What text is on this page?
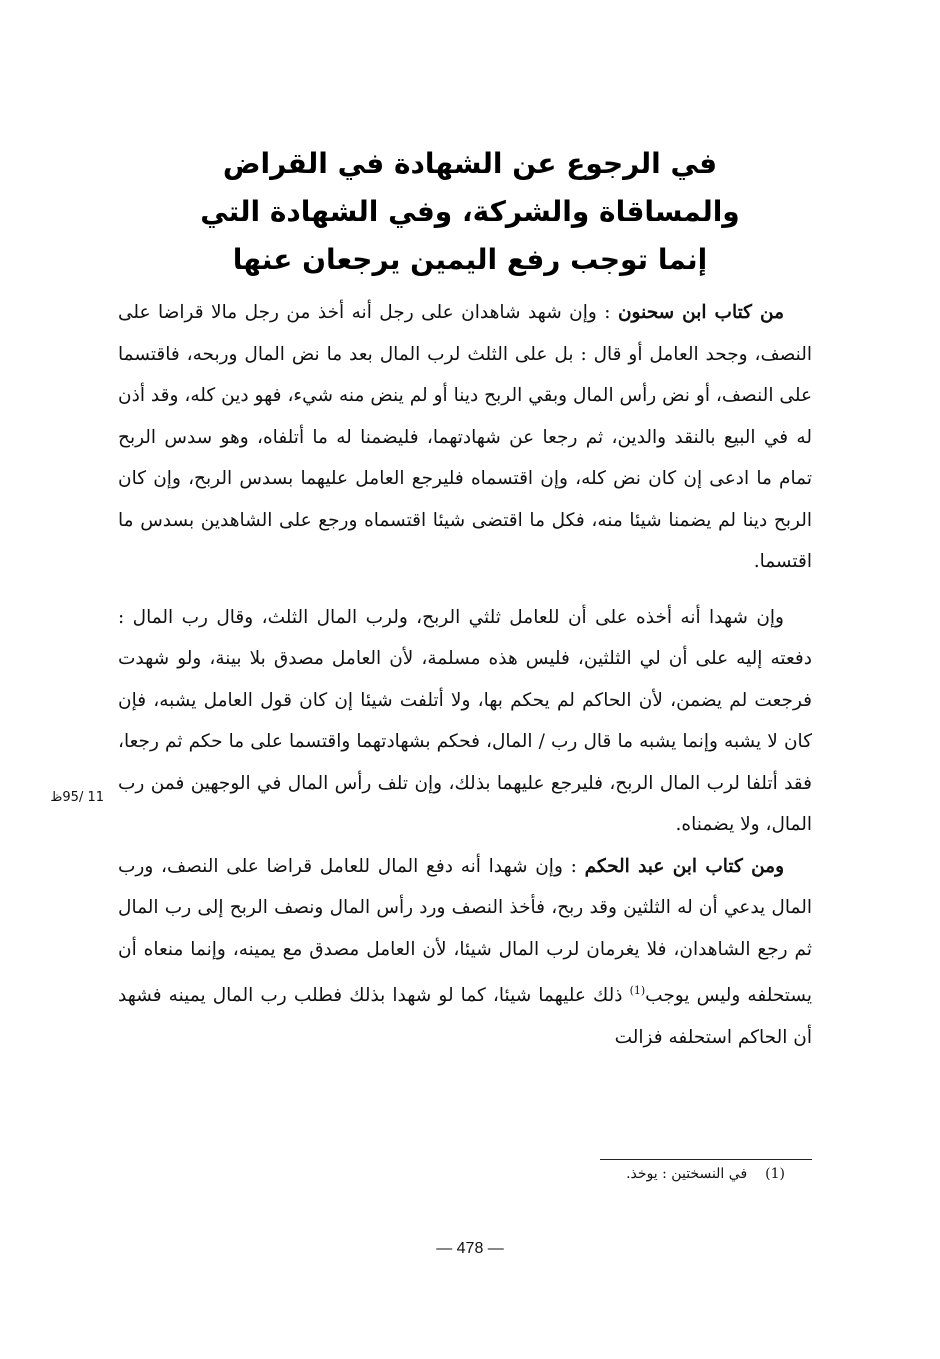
في الرجوع عن الشهادة في القراض
والمساقاة والشركة، وفي الشهادة التي
إنما توجب رفع اليمين يرجعان عنها

من كتاب ابن سحنون : وإن شهد شاهدان على رجل أنه أخذ من رجل مالا قراضا على النصف، وجحد العامل أو قال : بل على الثلث لرب المال بعد ما نض المال وربحه، فاقتسما على النصف، أو نض رأس المال وبقي الربح دينا أو لم ينض منه شيء، فهو دين كله، وقد أذن له في البيع بالنقد والدين، ثم رجعا عن شهادتهما، فليضمنا له ما أتلفاه، وهو سدس الربح تمام ما ادعى إن كان نض كله، وإن اقتسماه فليرجع العامل عليهما بسدس الربح، وإن كان الربح دينا لم يضمنا شيئا منه، فكل ما اقتضى شيئا اقتسماه ورجع على الشاهدين بسدس ما اقتسما.

وإن شهدا أنه أخذه على أن للعامل ثلثي الربح، ولرب المال الثلث، وقال رب المال : دفعته إليه على أن لي الثلثين، فليس هذه مسلمة، لأن العامل مصدق بلا بينة، ولو شهدت فرجعت لم يضمن، لأن الحاكم لم يحكم بها، ولا أتلفت شيئا إن كان قول العامل يشبه، فإن كان لا يشبه وإنما يشبه ما قال رب / المال، فحكم بشهادتهما واقتسما على ما حكم ثم رجعا، فقد أتلفا لرب المال الربح، فليرجع عليهما بذلك، وإن تلف رأس المال في الوجهين فمن رب المال، ولا يضمناه.

ومن كتاب ابن عبد الحكم : وإن شهدا أنه دفع المال للعامل قراضا على النصف، ورب المال يدعي أن له الثلثين وقد ربح، فأخذ النصف ورد رأس المال ونصف الربح إلى رب المال ثم رجع الشاهدان، فلا يغرمان لرب المال شيئا، لأن العامل مصدق مع يمينه، وإنما منعاه أن يستحلفه وليس يوجب$^{(1)}$ ذلك عليهما شيئا، كما لو شهدا بذلك فطلب رب المال يمينه فشهد أن الحاكم استحلفه فزالت

11 /95ظ
(1)في النسختين : يوخذ.
— 478 —
